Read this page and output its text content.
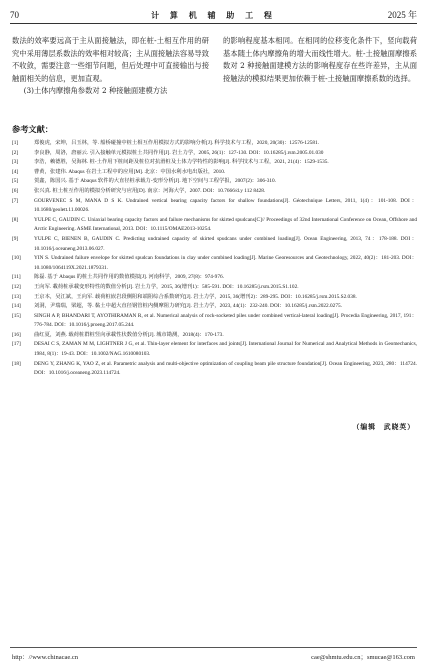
70	计 算 机 辅 助 工 程	2025 年

数法的效率要远高于主从面接触法，即在桩-土相互作用的研究中采用薄层系数法的效率相对较高；主从面接触法容易导致不收敛，需要注意一些细节问题，但后处理中可直接输出与接触面相关的信息，更加直观。

(3)土体内摩擦角参数对 2 种接触面建模方法

的影响程度基本相同。在相同的位移变化条件下，竖向载荷基本随土体内摩擦角的增大而线性增大。桩-土接触面摩擦系数对 2 种接触面建模方法的影响程度存在些许差异，主从面接触法的模拟结果更加依赖于桩-土接触面摩擦系数的选择。

参考文献：
[1]	郑俊虎，宋坤，吕玉林，等. 船桥碰撞中桩土相互作用模拟方式的影响分析[J]. 科学技术与工程，2020, 20(30)：12576-12581.
[2]	李良静，周洛，唐丽云. 引入接触单元模拟桩土共同作用[J]. 岩土力学，2005, 26(1)：127-130. DOI：10.16285/j.rsm.2005.01.030
[3]	李浩，赖德胜，吴海林. 桩-土作用下桩间距及桩位对抗滑桩及土体力学特性的影响[J]. 科学技术与工程，2021, 21(4)：1529-1535.
[4]	曹黄，张建伟. Abaqus 在岩土工程中的应用[M]. 北京：中国水利水电出版社，2010.
[5]	贺鑫，陈国兴. 基于 Abaqus 软件的大直径桩承载力-变形分析[J]. 地下空间与工程学报，2007(2)：306-310.
[6]	张兴真. 桩土桩互作用的模拟分析研究与应用[D]. 南京：河海大学，2007. DOI：10.7666/d.y 112 8428.
[7]	GOURVENEC S M, MANA D S K. Undrained vertical bearing capacity factors for shallow foundations[J]. Géotechnique Letters, 2011, 1(4)：101-108. DOI：10.1680/geolett.11.00026.
[8]	YULPE C, GAUDIN C. Uniaxial bearing capacity factors and failure mechanisms for skirted spudcans[C]// Proceedings of 32nd International Conference on Ocean, Offshore and Arctic Engineering. ASME International, 2013. DOI：10.1115/OMAE2013-10254.
[9]	YULPE C, BIENEN B, GAUDIN C. Predicting undrained capacity of skirted spudcans under combined loading[J]. Ocean Engineering, 2013, 74：178-188. DOI：10.1016/j.oceaneng.2013.06.027.
[10]	YIN S. Undrained failure envelope for skirted spudcan foundations in clay under combined loading[J]. Marine Georesources and Geotechnology, 2022, 40(2)：181-203. DOI：10.1080/1064119X.2021.1879331.
[11]	陈磊. 基于 Abaqus 的桩土共同作用的数值模拟[J]. 河南科学，2009, 27(8)：974-976.
[12]	王向军. 載荷桩承載变形特性的数值分析[J]. 岩土力学，2015, 36(增刊1)：585-591. DOI：10.16285/j.rsm.2015.S1.102.
[13]	王京本，吴江斌，王向军. 载荷桩嵌岩段侧阻和端阻综合系数研究[J]. 岩土力学，2015, 36(增刊2)：289-295. DOI：10.16285/j.rsm.2015.S2.038.
[14]	刘洞，尹瑞瑞，梁超，等. 黏土中超大直径钢管桩内侧摩阻力研究[J]. 岩土力学，2023, 44(1)：232-240. DOI：10.16285/j.rsm.2022.0275.
[15]	SINGH A P, BHANDARI T, AYOTHIRAMAN R, et al. Numerical analysis of rock-socketed piles under combined vertical-lateral loading[J]. Procedia Engineering, 2017, 191：776-784. DOI：10.1016/j.proeng.2017.05.244.
[16]	曲红夏，刘燕. 载荷桩群桩竖向承載性状数值分析[J]. 城市勘测，2018(4)：170-173.
[17]	DESAI C S, ZAMAN M M, LIGHTNER J G, et al. Thin-layer element for interfaces and joints[J]. International Journal for Numerical and Analytical Methods in Geomechanics, 1984, 8(1)：19-43. DOI：10.1002/NAG.1610080103.
[18]	DENG Y, ZHANG K, YAO Z, et al. Parametric analysis and multi-objective optimization of coupling beam pile structure foundation[J]. Ocean Engineering, 2023, 280：114724. DOI：10.1016/j.oceaneng.2023.114724.
（编辑　武晓英）
http：//www.chinacae.cn	cae@shmtu.edu.cn；smucae@163.com
